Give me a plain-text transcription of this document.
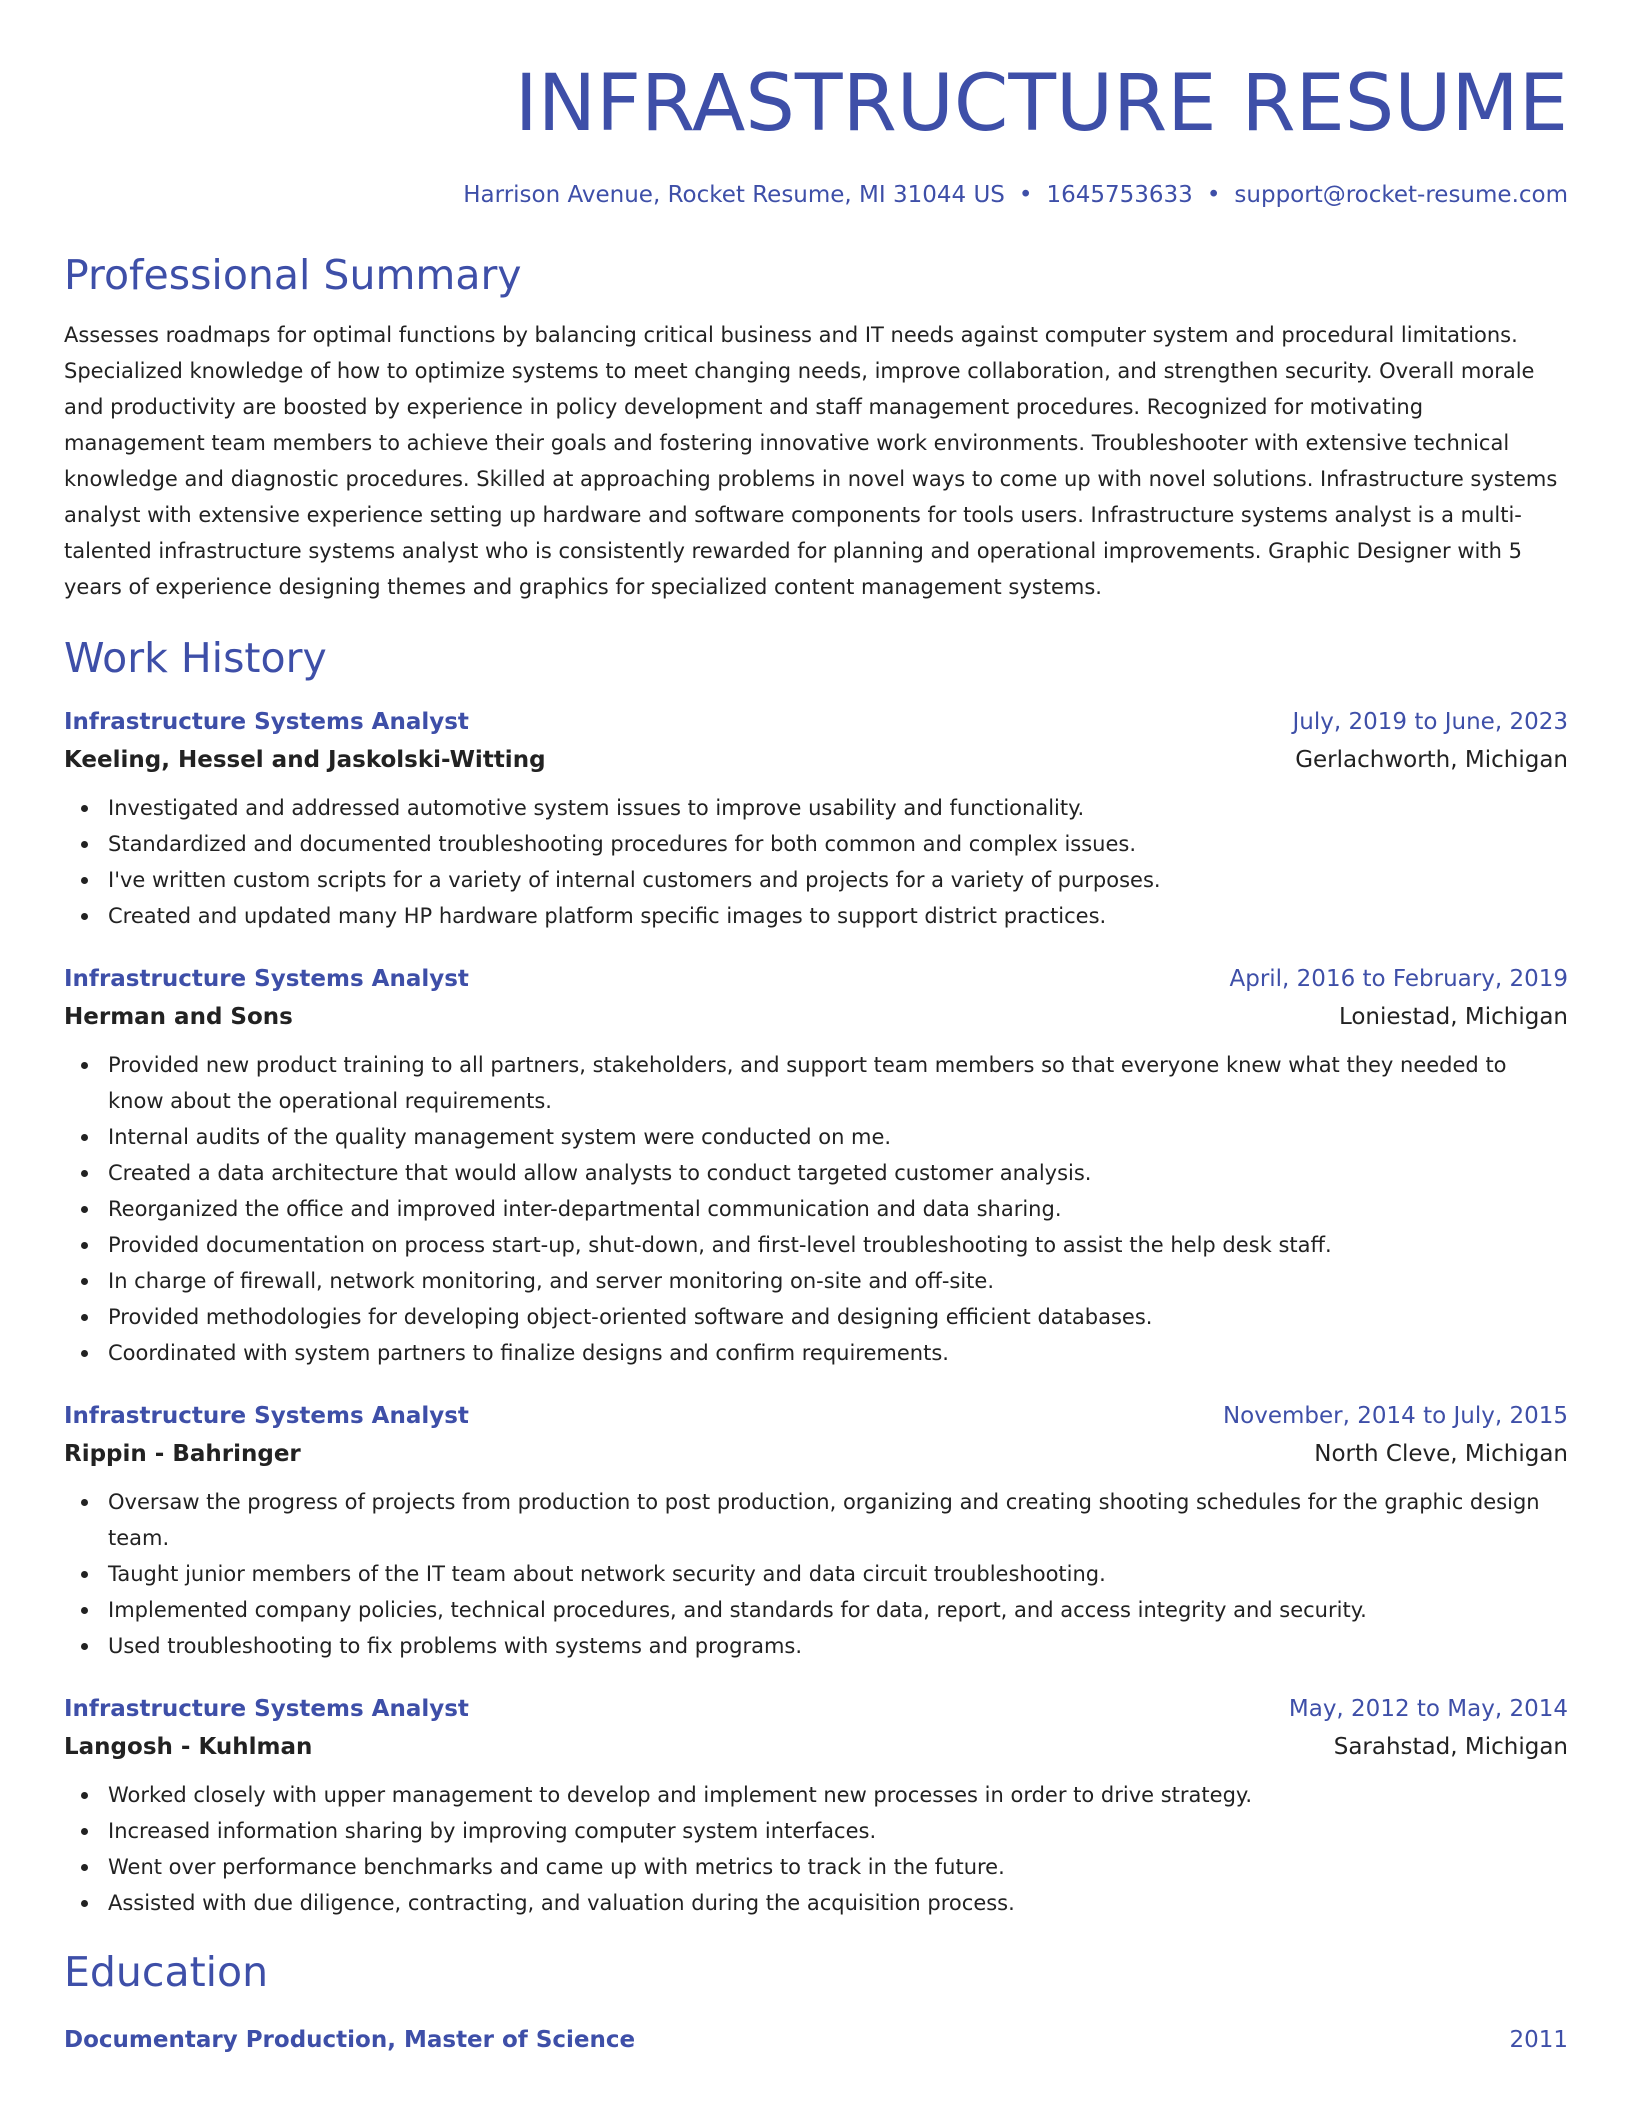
INFRASTRUCTURE RESUME
Harrison Avenue, Rocket Resume, MI 31044 US • 1645753633 • support@rocket-resume.com
Professional Summary
Assesses roadmaps for optimal functions by balancing critical business and IT needs against computer system and procedural limitations. Specialized knowledge of how to optimize systems to meet changing needs, improve collaboration, and strengthen security. Overall morale and productivity are boosted by experience in policy development and staff management procedures. Recognized for motivating management team members to achieve their goals and fostering innovative work environments. Troubleshooter with extensive technical knowledge and diagnostic procedures. Skilled at approaching problems in novel ways to come up with novel solutions. Infrastructure systems analyst with extensive experience setting up hardware and software components for tools users. Infrastructure systems analyst is a multi-talented infrastructure systems analyst who is consistently rewarded for planning and operational improvements. Graphic Designer with 5 years of experience designing themes and graphics for specialized content management systems.
Work History
Infrastructure Systems Analyst	July, 2019 to June, 2023
Keeling, Hessel and Jaskolski-Witting	Gerlachworth, Michigan
Investigated and addressed automotive system issues to improve usability and functionality.
Standardized and documented troubleshooting procedures for both common and complex issues.
I've written custom scripts for a variety of internal customers and projects for a variety of purposes.
Created and updated many HP hardware platform specific images to support district practices.
Infrastructure Systems Analyst	April, 2016 to February, 2019
Herman and Sons	Loniestad, Michigan
Provided new product training to all partners, stakeholders, and support team members so that everyone knew what they needed to know about the operational requirements.
Internal audits of the quality management system were conducted on me.
Created a data architecture that would allow analysts to conduct targeted customer analysis.
Reorganized the office and improved inter-departmental communication and data sharing.
Provided documentation on process start-up, shut-down, and first-level troubleshooting to assist the help desk staff.
In charge of firewall, network monitoring, and server monitoring on-site and off-site.
Provided methodologies for developing object-oriented software and designing efficient databases.
Coordinated with system partners to finalize designs and confirm requirements.
Infrastructure Systems Analyst	November, 2014 to July, 2015
Rippin - Bahringer	North Cleve, Michigan
Oversaw the progress of projects from production to post production, organizing and creating shooting schedules for the graphic design team.
Taught junior members of the IT team about network security and data circuit troubleshooting.
Implemented company policies, technical procedures, and standards for data, report, and access integrity and security.
Used troubleshooting to fix problems with systems and programs.
Infrastructure Systems Analyst	May, 2012 to May, 2014
Langosh - Kuhlman	Sarahstad, Michigan
Worked closely with upper management to develop and implement new processes in order to drive strategy.
Increased information sharing by improving computer system interfaces.
Went over performance benchmarks and came up with metrics to track in the future.
Assisted with due diligence, contracting, and valuation during the acquisition process.
Education
Documentary Production, Master of Science	2011
